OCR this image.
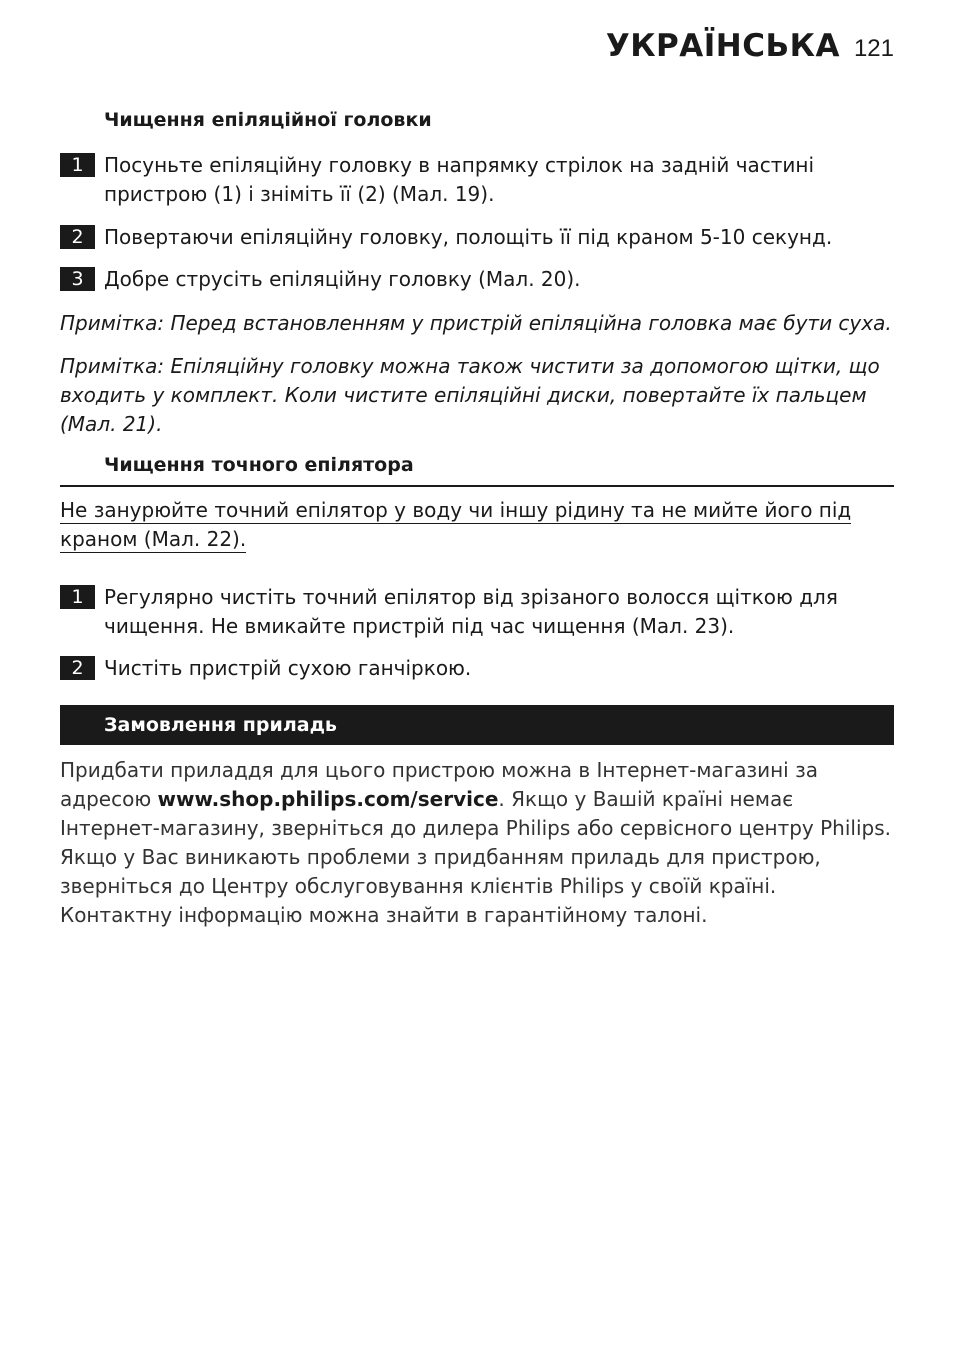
УКРАЇНСЬКА 121
Чищення епіляційної головки
1	Посуньте епіляційну головку в напрямку стрілок на задній частині пристрою (1) і зніміть її (2) (Мал. 19).
2	Повертаючи епіляційну головку, полощіть її під краном 5-10 секунд.
3	Добре струсіть епіляційну головку (Мал. 20).
Примітка: Перед встановленням у пристрій епіляційна головка має бути суха.
Примітка: Епіляційну головку можна також чистити за допомогою щітки, що входить у комплект. Коли чистите епіляційні диски, повертайте їх пальцем (Мал. 21).
Чищення точного епілятора
Не занурюйте точний епілятор у воду чи іншу рідину та не мийте його під краном (Мал. 22).
1	Регулярно чистіть точний епілятор від зрізаного волосся щіткою для чищення. Не вмикайте пристрій під час чищення (Мал. 23).
2	Чистіть пристрій сухою ганчіркою.
Замовлення приладь
Придбати приладдя для цього пристрою можна в Інтернет-магазині за адресою www.shop.philips.com/service. Якщо у Вашій країні немає Інтернет-магазину, зверніться до дилера Philips або сервісного центру Philips. Якщо у Вас виникають проблеми з придбанням приладь для пристрою, зверніться до Центру обслуговування клієнтів Philips у своїй країні. Контактну інформацію можна знайти в гарантійному талоні.
